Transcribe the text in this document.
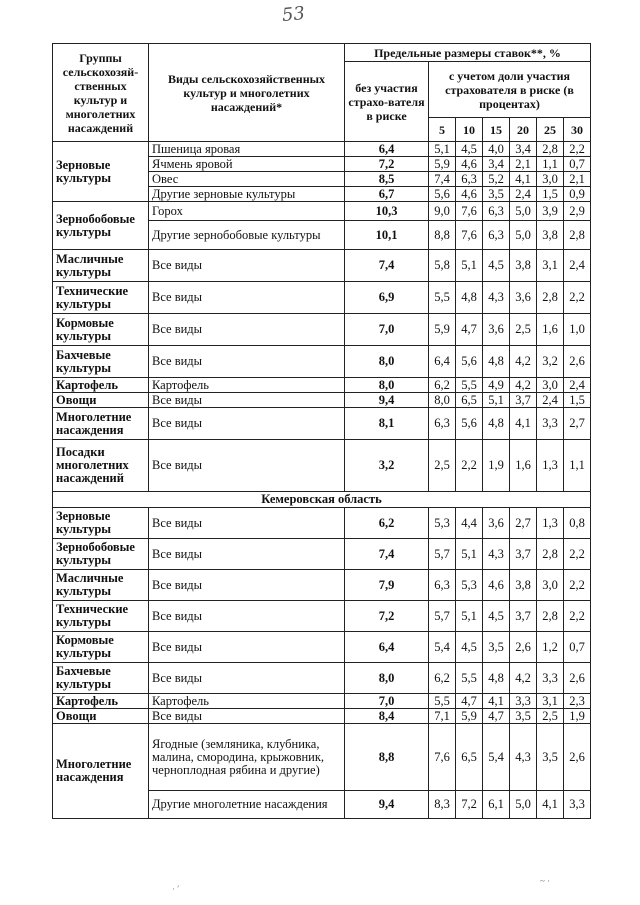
53
Группы сельскохозяй-ственных культур и многолетних насаждений	Виды сельскохозяйственных культур и многолетних насаждений*	Предельные размеры ставок**, %						
		без участия страхо-вателя в риске	с учетом доли участия страхователя в риске (в процентах)					
			5	10	15	20	25	30
Зерновые культуры	Пшеница яровая	6,4	5,1	4,5	4,0	3,4	2,8	2,2
	Ячмень яровой	7,2	5,9	4,6	3,4	2,1	1,1	0,7
	Овес	8,5	7,4	6,3	5,2	4,1	3,0	2,1
	Другие зерновые культуры	6,7	5,6	4,6	3,5	2,4	1,5	0,9
Зернобобовые культуры	Горох	10,3	9,0	7,6	6,3	5,0	3,9	2,9
	Другие зернобобовые культуры	10,1	8,8	7,6	6,3	5,0	3,8	2,8
Масличные культуры	Все виды	7,4	5,8	5,1	4,5	3,8	3,1	2,4
Технические культуры	Все виды	6,9	5,5	4,8	4,3	3,6	2,8	2,2
Кормовые культуры	Все виды	7,0	5,9	4,7	3,6	2,5	1,6	1,0
Бахчевые культуры	Все виды	8,0	6,4	5,6	4,8	4,2	3,2	2,6
Картофель	Картофель	8,0	6,2	5,5	4,9	4,2	3,0	2,4
Овощи	Все виды	9,4	8,0	6,5	5,1	3,7	2,4	1,5
Многолетние насаждения	Все виды	8,1	6,3	5,6	4,8	4,1	3,3	2,7
Посадки многолетних насаждений	Все виды	3,2	2,5	2,2	1,9	1,6	1,3	1,1
Кемеровская область								
Зерновые культуры	Все виды	6,2	5,3	4,4	3,6	2,7	1,3	0,8
Зернобобовые культуры	Все виды	7,4	5,7	5,1	4,3	3,7	2,8	2,2
Масличные культуры	Все виды	7,9	6,3	5,3	4,6	3,8	3,0	2,2
Технические культуры	Все виды	7,2	5,7	5,1	4,5	3,7	2,8	2,2
Кормовые культуры	Все виды	6,4	5,4	4,5	3,5	2,6	1,2	0,7
Бахчевые культуры	Все виды	8,0	6,2	5,5	4,8	4,2	3,3	2,6
Картофель	Картофель	7,0	5,5	4,7	4,1	3,3	3,1	2,3
Овощи	Все виды	8,4	7,1	5,9	4,7	3,5	2,5	1,9
Многолетние насаждения	Ягодные (земляника, клубника, малина, смородина, крыжовник, черноплодная рябина и другие)	8,8	7,6	6,5	5,4	4,3	3,5	2,6
	Другие многолетние насаждения	9,4	8,3	7,2	6,1	5,0	4,1	3,3
· ′
~ ·
